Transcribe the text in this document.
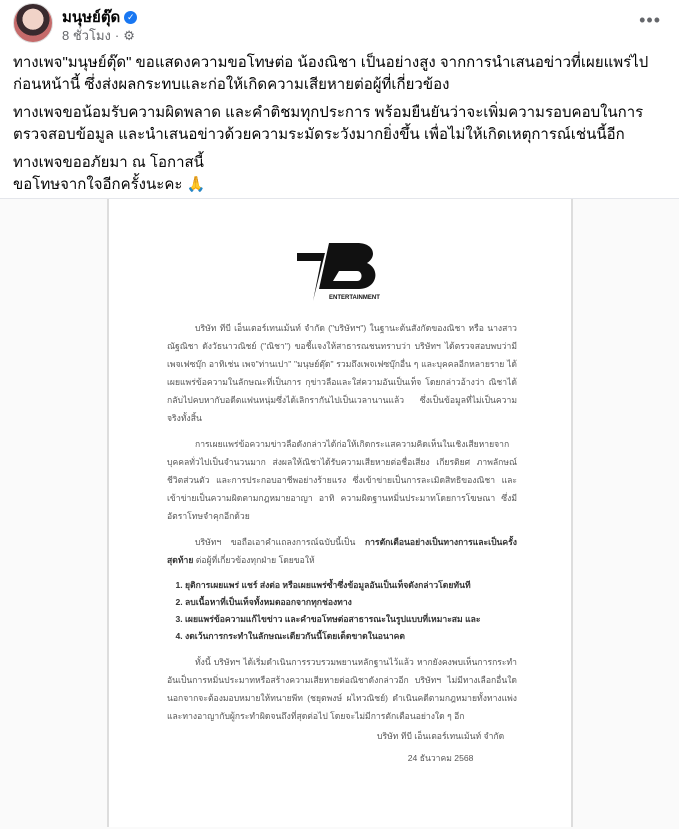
มนุษย์ตุ๊ด ✓
8 ชั่วโมง · ⚙
•••

ทางเพจ"มนุษย์ตุ๊ด" ขอแสดงความขอโทษต่อ น้องณิชา เป็นอย่างสูง จากการนำเสนอข่าวที่เผยแพร่ไปก่อนหน้านี้ ซึ่งส่งผลกระทบและก่อให้เกิดความเสียหายต่อผู้ที่เกี่ยวข้อง

ทางเพจขอน้อมรับความผิดพลาด และคำติชมทุกประการ พร้อมยืนยันว่าจะเพิ่มความรอบคอบในการตรวจสอบข้อมูล และนำเสนอข่าวด้วยความระมัดระวังมากยิ่งขึ้น เพื่อไม่ให้เกิดเหตุการณ์เช่นนี้อีก

ทางเพจขออภัยมา ณ โอกาสนี้

ขอโทษจากใจอีกครั้งนะคะ 🙏

ENTERTAINMENT

บริษัท ทีบี เอ็นเตอร์เทนเม้นท์ จำกัด ("บริษัทฯ") ในฐานะต้นสังกัดของณิชา หรือ นางสาวณัฐณิชา ดังวัธนาวณิชย์ ("ณิชา") ขอชี้แจงให้สาธารณชนทราบว่า บริษัทฯ ได้ตรวจสอบพบว่ามีเพจเฟซบุ๊ก อาทิเช่น เพจ"ท่านเปา" "มนุษย์ตุ๊ด" รวมถึงเพจเฟซบุ๊กอื่น ๆ และบุคคลอีกหลายราย ได้เผยแพร่ข้อความในลักษณะที่เป็นการ กุข่าวลือและใส่ความอันเป็นเท็จ โดยกล่าวอ้างว่า ณิชาได้กลับไปคบหากับอดีตแฟนหนุ่มซึ่งได้เลิกรากันไปเป็นเวลานานแล้ว ซึ่งเป็นข้อมูลที่ไม่เป็นความจริงทั้งสิ้น

การเผยแพร่ข้อความข่าวลือดังกล่าวได้ก่อให้เกิดกระแสความคิดเห็นในเชิงเสียหายจากบุคคลทั่วไปเป็นจำนวนมาก ส่งผลให้ณิชาได้รับความเสียหายต่อชื่อเสียง เกียรติยศ ภาพลักษณ์ ชีวิตส่วนตัว และการประกอบอาชีพอย่างร้ายแรง ซึ่งเข้าข่ายเป็นการละเมิดสิทธิของณิชา และเข้าข่ายเป็นความผิดตามกฎหมายอาญา อาทิ ความผิดฐานหมิ่นประมาทโดยการโฆษณา ซึ่งมีอัตราโทษจำคุกอีกด้วย

บริษัทฯ ขอถือเอาคำแถลงการณ์ฉบับนี้เป็น การตักเตือนอย่างเป็นทางการและเป็นครั้งสุดท้าย ต่อผู้ที่เกี่ยวข้องทุกฝ่าย โดยขอให้

1. ยุติการเผยแพร่ แชร์ ส่งต่อ หรือเผยแพร่ซ้ำซึ่งข้อมูลอันเป็นเท็จดังกล่าวโดยทันที
2. ลบเนื้อหาที่เป็นเท็จทั้งหมดออกจากทุกช่องทาง
3. เผยแพร่ข้อความแก้ไขข่าว และคำขอโทษต่อสาธารณะในรูปแบบที่เหมาะสม และ
4. งดเว้นการกระทำในลักษณะเดียวกันนี้โดยเด็ดขาดในอนาคต

ทั้งนี้ บริษัทฯ ได้เริ่มดำเนินการรวบรวมพยานหลักฐานไว้แล้ว หากยังคงพบเห็นการกระทำอันเป็นการหมิ่นประมาทหรือสร้างความเสียหายต่อณิชาดังกล่าวอีก บริษัทฯ ไม่มีทางเลือกอื่นใดนอกจากจะต้องมอบหมายให้ทนายพีท (ชยุตพงษ์ ผไทวณิชย์) ดำเนินคดีตามกฎหมายทั้งทางแพ่งและทางอาญากับผู้กระทำผิดจนถึงที่สุดต่อไป โดยจะไม่มีการตักเตือนอย่างใด ๆ อีก

บริษัท ทีบี เอ็นเตอร์เทนเม้นท์ จำกัด
24 ธันวาคม 2568
